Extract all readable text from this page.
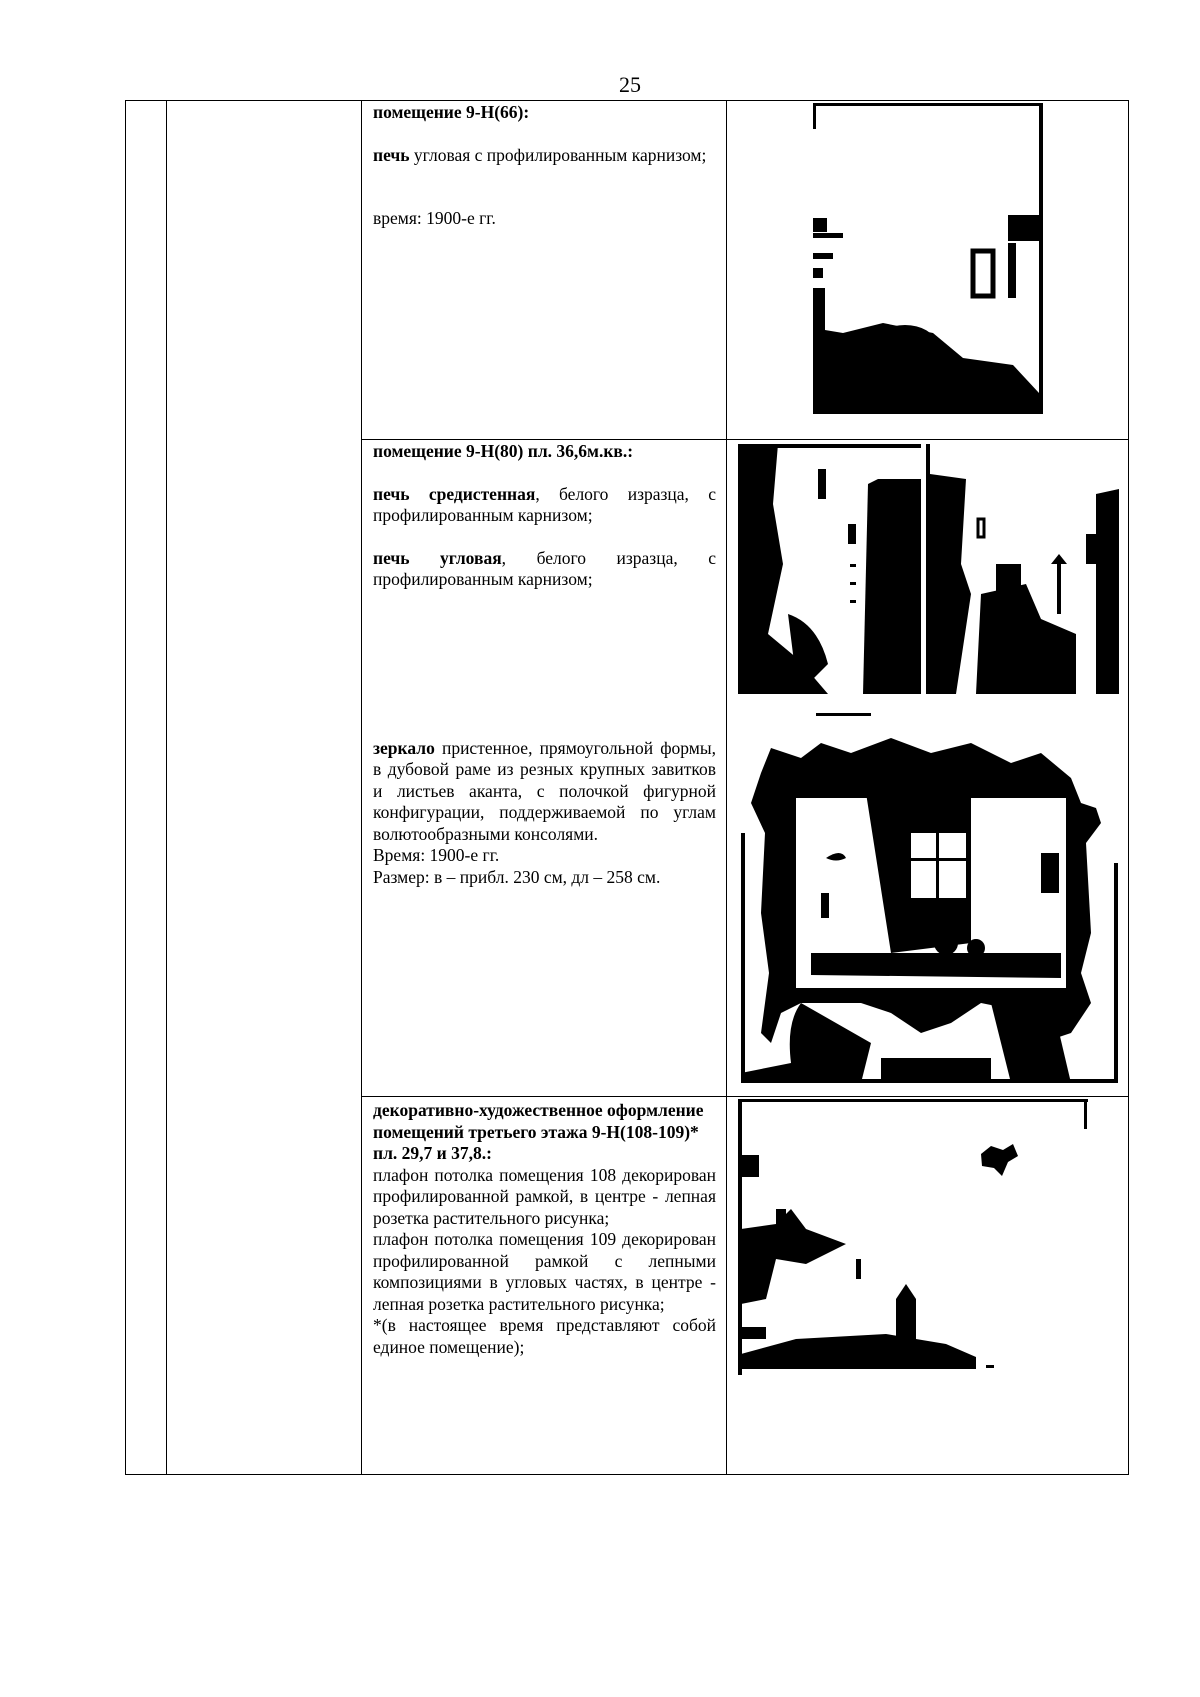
25

помещение 9-Н(66):

печь угловая с профилированным карнизом;

время: 1900-е гг.

помещение 9-Н(80) пл. 36,6м.кв.:

печь средистенная, белого изразца, с профилированным карнизом;

печь угловая, белого изразца, с профилированным карнизом;

зеркало пристенное, прямоугольной формы, в дубовой раме из резных крупных завитков и листьев аканта, с полочкой фигурной конфигурации, поддерживаемой по углам волютообразными консолями.

Время: 1900-е гг.

Размер: в – прибл. 230 см, дл – 258 см.

декоративно-художественное оформление помещений третьего этажа 9-Н(108-109)* пл. 29,7 и 37,8.:

плафон потолка помещения 108 декорирован профилированной рамкой, в центре - лепная розетка растительного рисунка;

плафон потолка помещения 109 декорирован профилированной рамкой с лепными композициями в угловых частях, в центре - лепная розетка растительного рисунка;

*(в настоящее время представляют собой единое помещение);
